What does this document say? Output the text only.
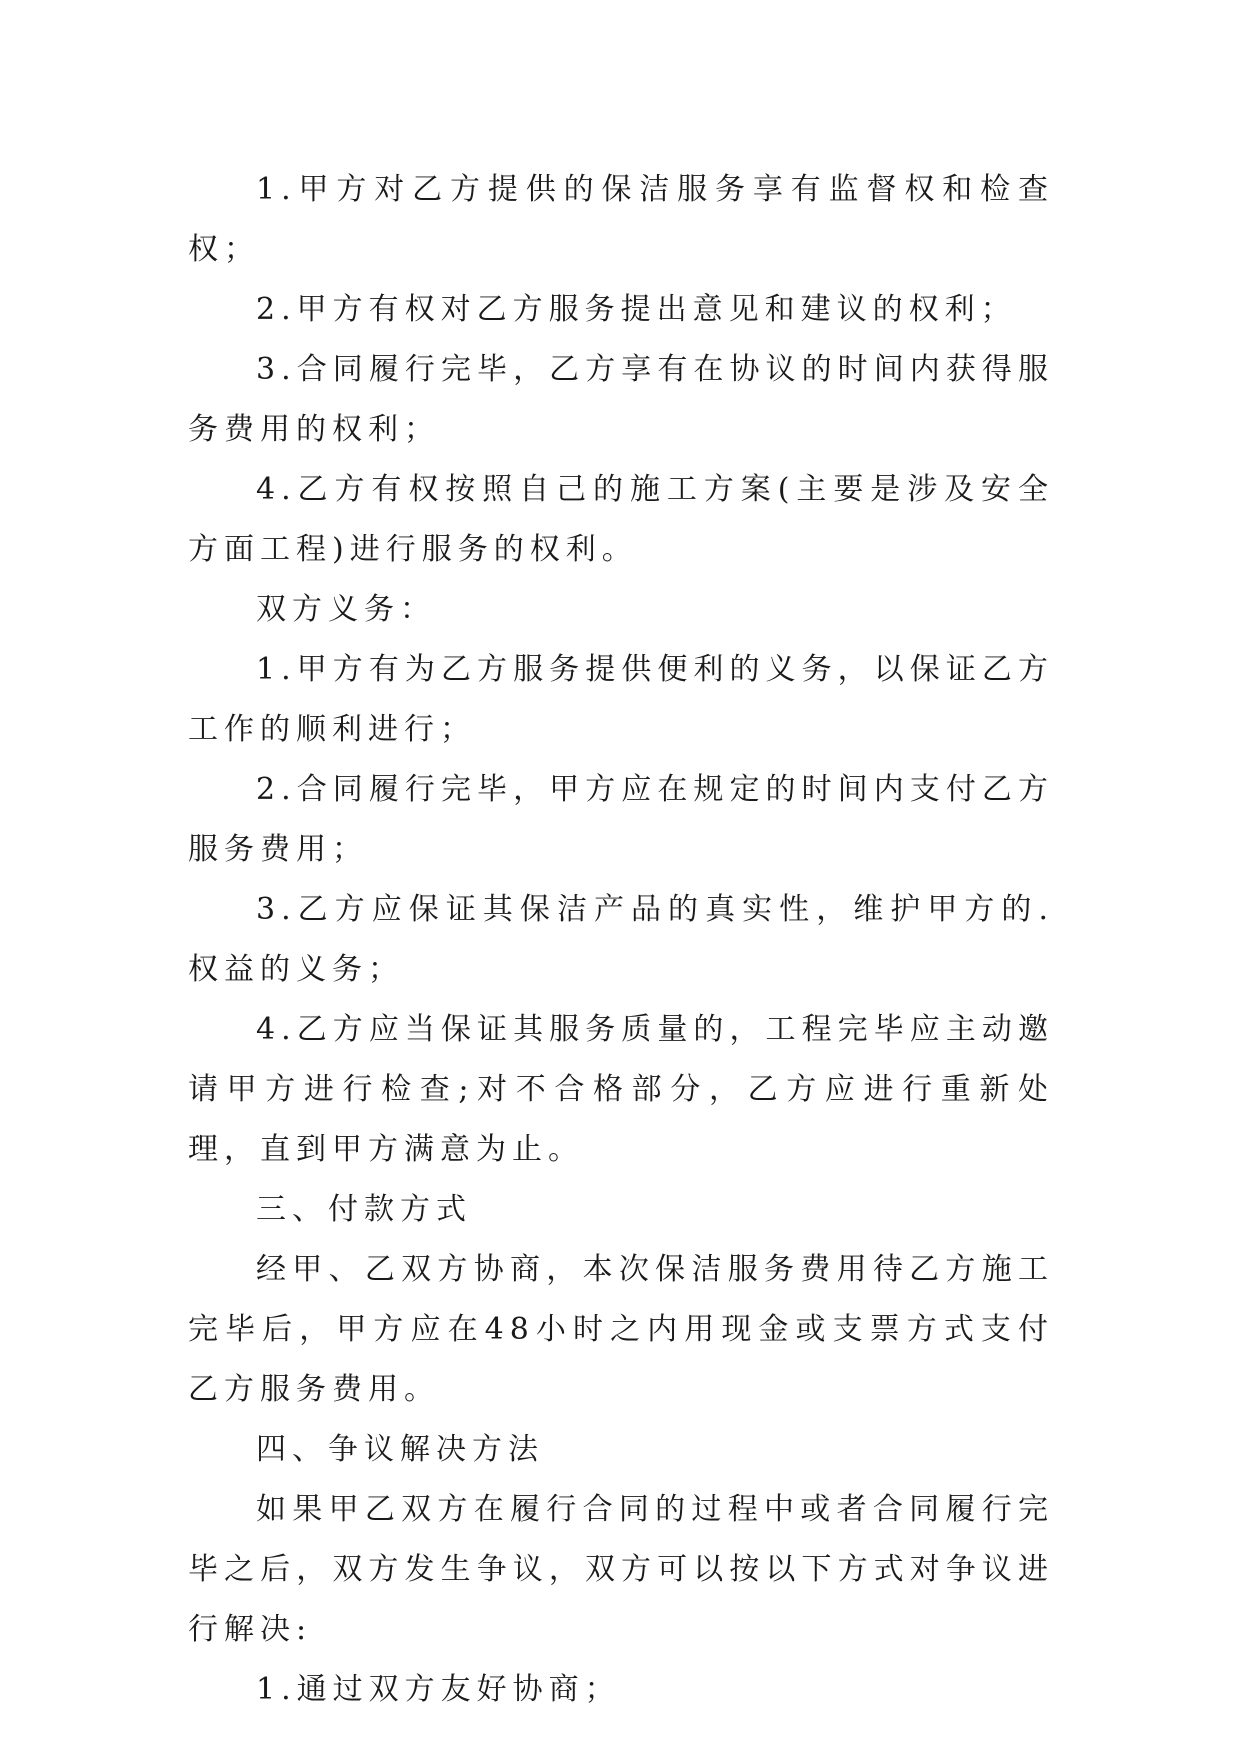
1.甲方对乙方提供的保洁服务享有监督权和检查权；

2.甲方有权对乙方服务提出意见和建议的权利；

3.合同履行完毕，乙方享有在协议的时间内获得服务费用的权利；

4.乙方有权按照自己的施工方案(主要是涉及安全方面工程)进行服务的权利。

双方义务：

1.甲方有为乙方服务提供便利的义务，以保证乙方工作的顺利进行；

2.合同履行完毕，甲方应在规定的时间内支付乙方服务费用；

3.乙方应保证其保洁产品的真实性，维护甲方的.权益的义务；

4.乙方应当保证其服务质量的，工程完毕应主动邀请甲方进行检查;对不合格部分，乙方应进行重新处理，直到甲方满意为止。

三、付款方式

经甲、乙双方协商，本次保洁服务费用待乙方施工完毕后，甲方应在48小时之内用现金或支票方式支付乙方服务费用。

四、争议解决方法

如果甲乙双方在履行合同的过程中或者合同履行完毕之后，双方发生争议，双方可以按以下方式对争议进行解决:

1.通过双方友好协商；
